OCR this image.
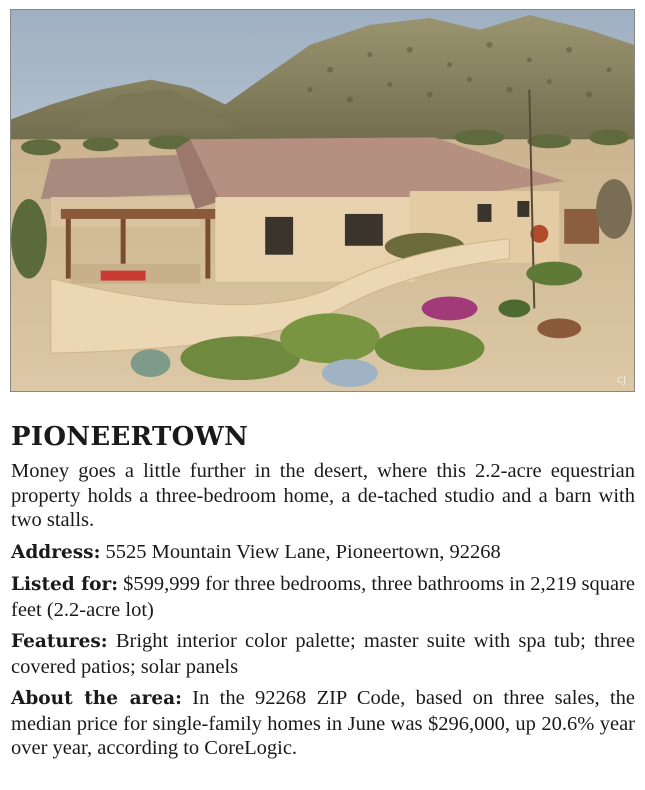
CJ
PIONEERTOWN

Money goes a little further in the desert, where this 2.2-acre equestrian property holds a three-bedroom home, a de-tached studio and a barn with two stalls.

Address: 5525 Mountain View Lane, Pioneertown, 92268

Listed for: $599,999 for three bedrooms, three bathrooms in 2,219 square feet (2.2-acre lot)

Features: Bright interior color palette; master suite with spa tub; three covered patios; solar panels

About the area: In the 92268 ZIP Code, based on three sales, the median price for single-family homes in June was $296,000, up 20.6% year over year, according to CoreLogic.
